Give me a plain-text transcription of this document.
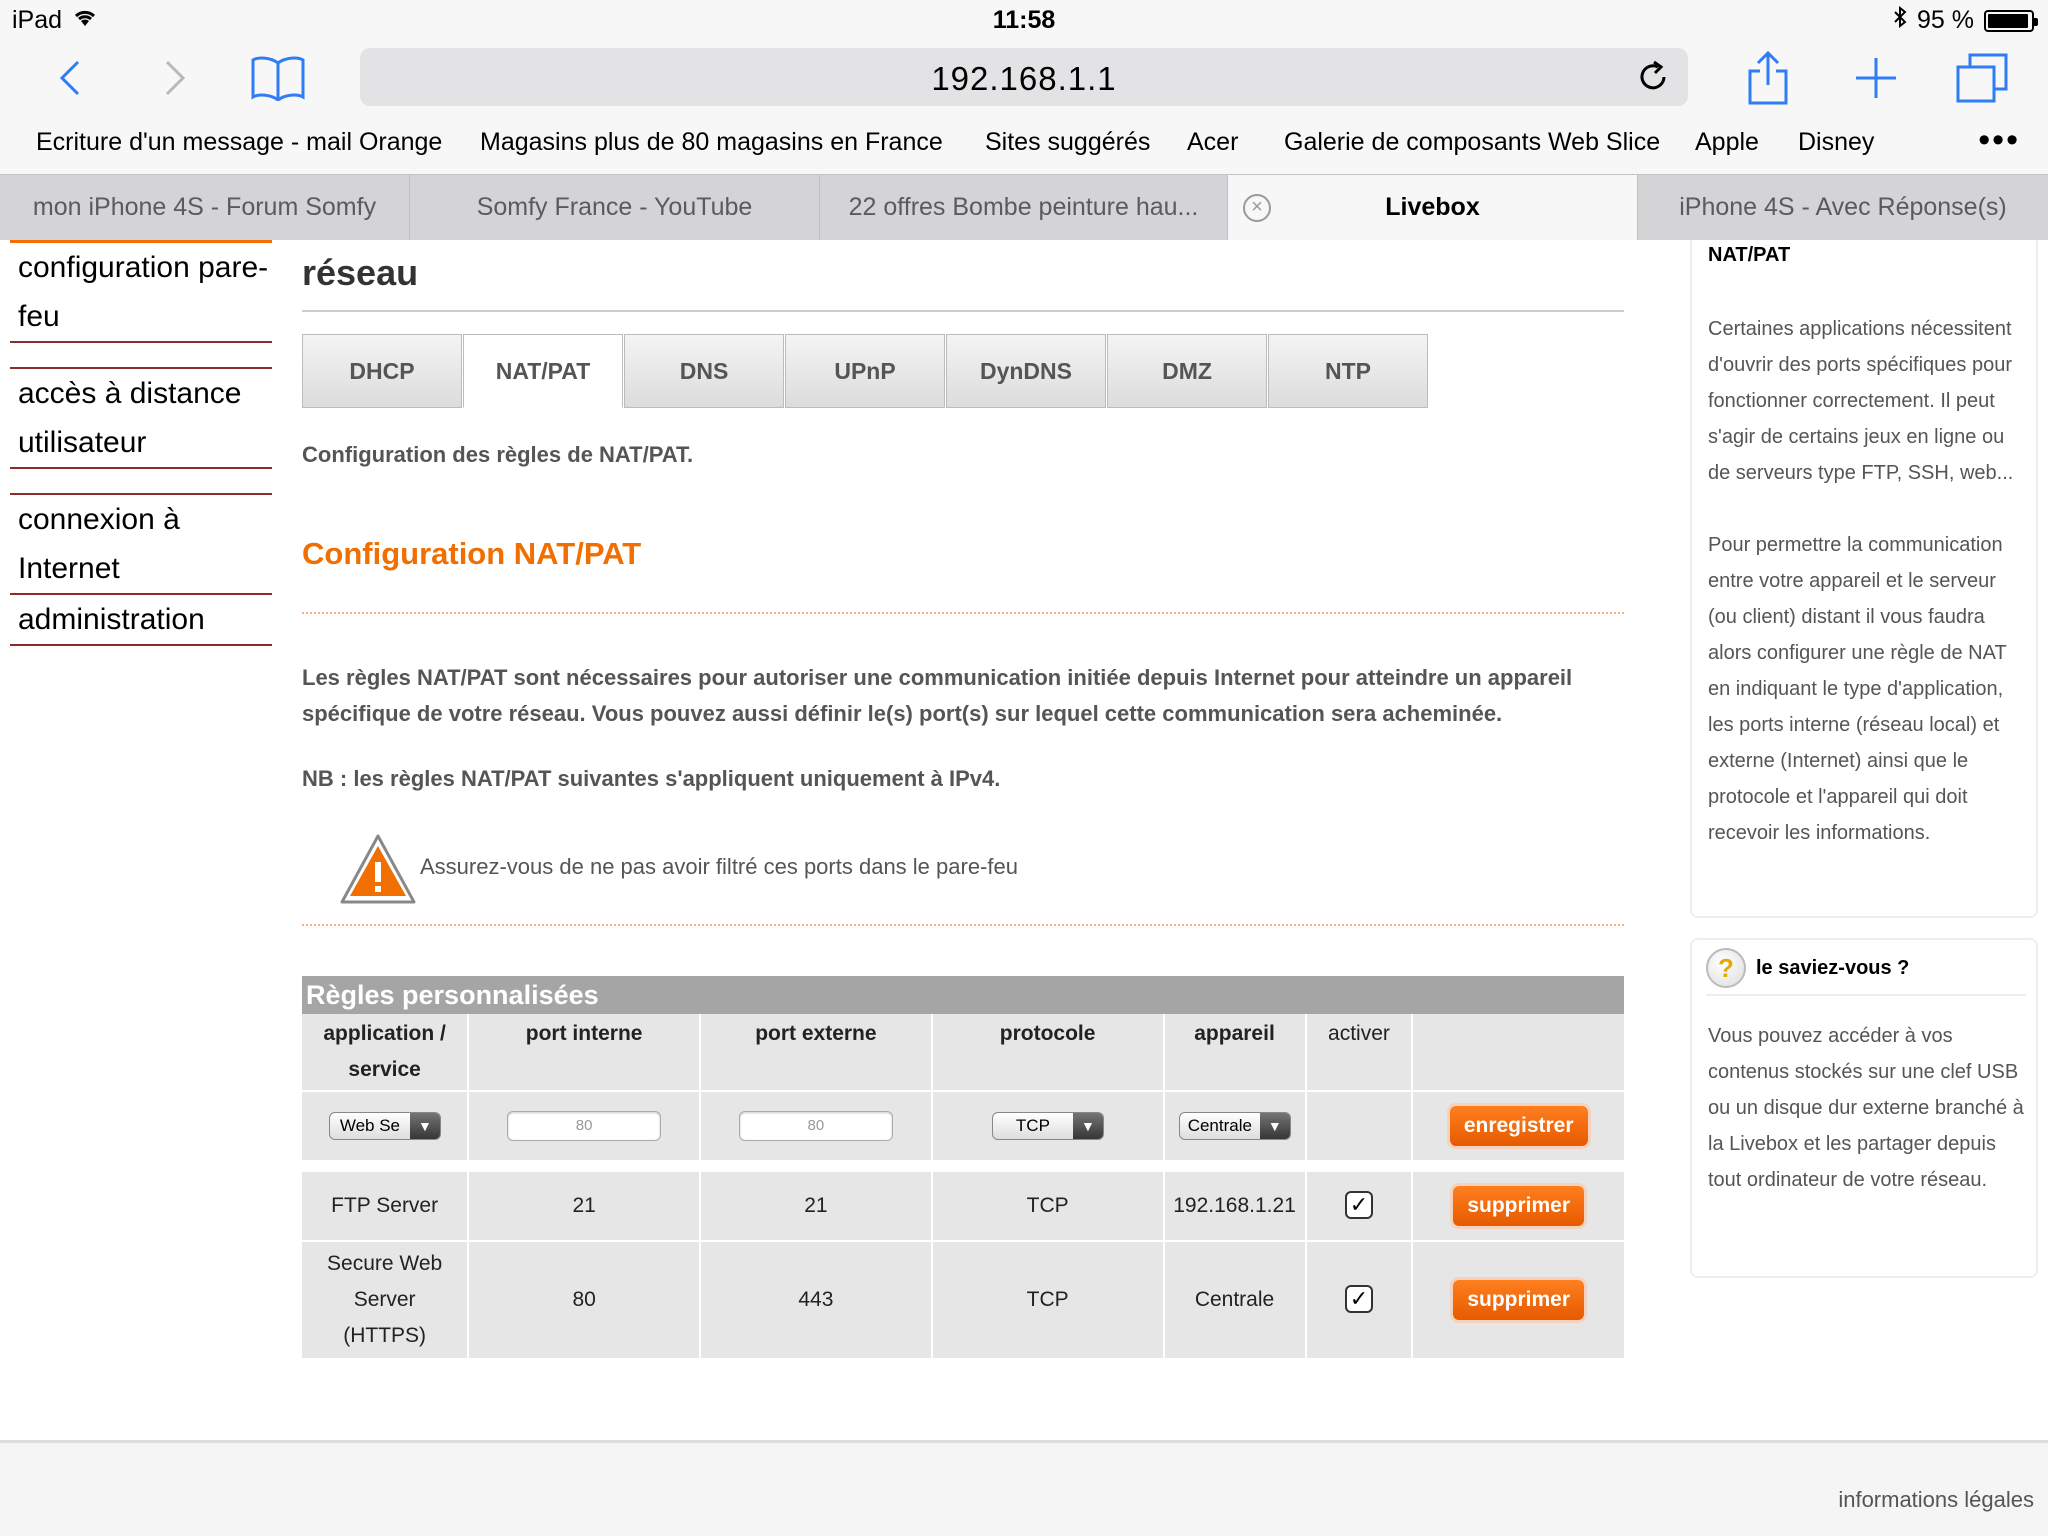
iPad	11:58	95 %
192.168.1.1
Ecriture d'un message - mail Orange Magasins plus de 80 magasins en France Sites suggérés Acer Galerie de composants Web Slice Apple Disney	•••
mon iPhone 4S - Forum Somfy	Somfy France - YouTube	22 offres Bombe peinture hau...	Livebox
×	iPhone 4S - Avec Réponse(s)
configuration pare-feu
accès à distance utilisateur
connexion à Internet
administration
réseau
DHCP	NAT/PAT	DNS	UPnP	DynDNS	DMZ	NTP
Configuration des règles de NAT/PAT.
Configuration NAT/PAT
Les règles NAT/PAT sont nécessaires pour autoriser une communication initiée depuis Internet pour atteindre un appareil spécifique de votre réseau. Vous pouvez aussi définir le(s) port(s) sur lequel cette communication sera acheminée.
NB : les règles NAT/PAT suivantes s'appliquent uniquement à IPv4.
Assurez-vous de ne pas avoir filtré ces ports dans le pare-feu
Règles personnalisées
application / service	port interne	port externe	protocole	appareil	activer	

Web Se ▼	80	80	TCP ▼	Centrale ▼		enregistrer

FTP Server	21	21	TCP	192.168.1.21	✓	supprimer
Secure Web Server (HTTPS)	80	443	TCP	Centrale	✓	supprimer
NAT/PAT
Certaines applications nécessitent d'ouvrir des ports spécifiques pour fonctionner correctement. Il peut s'agir de certains jeux en ligne ou de serveurs type FTP, SSH, web...
Pour permettre la communication entre votre appareil et le serveur (ou client) distant il vous faudra alors configurer une règle de NAT en indiquant le type d'application, les ports interne (réseau local) et externe (Internet) ainsi que le protocole et l'appareil qui doit recevoir les informations.
?	le saviez-vous ?
Vous pouvez accéder à vos contenus stockés sur une clef USB ou un disque dur externe branché à la Livebox et les partager depuis tout ordinateur de votre réseau.
informations légales
